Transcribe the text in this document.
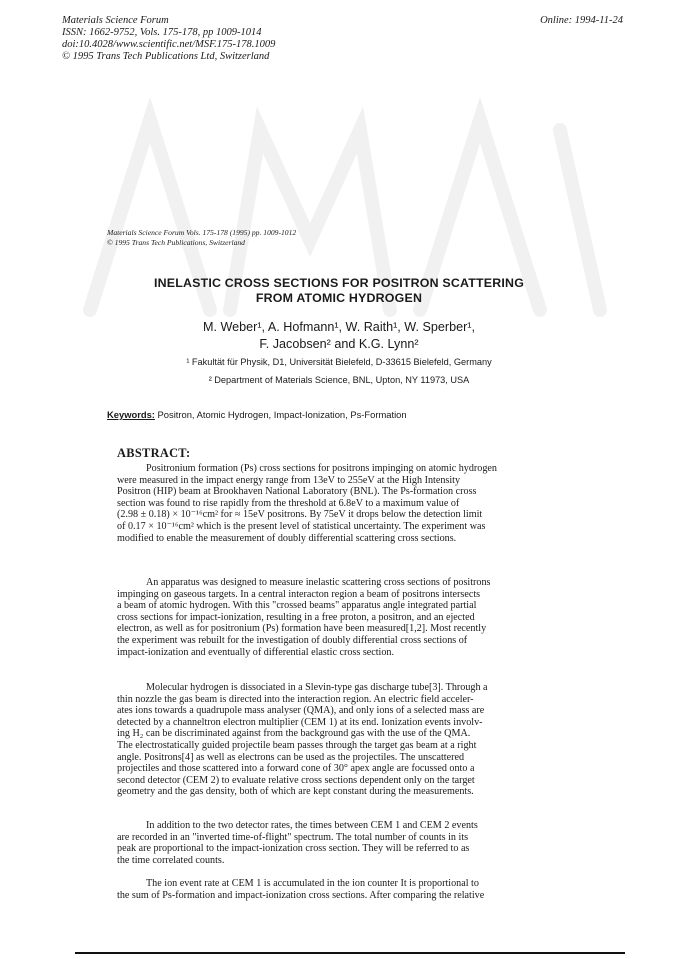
Materials Science Forum
ISSN: 1662-9752, Vols. 175-178, pp 1009-1014
doi:10.4028/www.scientific.net/MSF.175-178.1009
© 1995 Trans Tech Publications Ltd, Switzerland
Online: 1994-11-24
Materials Science Forum Vols. 175-178 (1995) pp. 1009-1012
© 1995 Trans Tech Publications, Switzerland
INELASTIC CROSS SECTIONS FOR POSITRON SCATTERING
FROM ATOMIC HYDROGEN
M. Weber¹, A. Hofmann¹, W. Raith¹, W. Sperber¹,
F. Jacobsen² and K.G. Lynn²
¹ Fakultät für Physik, D1, Universität Bielefeld, D-33615 Bielefeld, Germany
² Department of Materials Science, BNL, Upton, NY 11973, USA
Keywords: Positron, Atomic Hydrogen, Impact-Ionization, Ps-Formation
ABSTRACT:
Positronium formation (Ps) cross sections for positrons impinging on atomic hydrogen
were measured in the impact energy range from 13eV to 255eV at the High Intensity
Positron (HIP) beam at Brookhaven National Laboratory (BNL). The Ps-formation cross
section was found to rise rapidly from the threshold at 6.8eV to a maximum value of
(2.98 ± 0.18) × 10⁻¹⁶cm² for ≈ 15eV positrons. By 75eV it drops below the detection limit
of 0.17 × 10⁻¹⁶cm² which is the present level of statistical uncertainty. The experiment was
modified to enable the measurement of doubly differential scattering cross sections.
An apparatus was designed to measure inelastic scattering cross sections of positrons
impinging on gaseous targets. In a central interacton region a beam of positrons intersects
a beam of atomic hydrogen. With this "crossed beams" apparatus angle integrated partial
cross sections for impact-ionization, resulting in a free proton, a positron, and an ejected
electron, as well as for positronium (Ps) formation have been measured[1,2]. Most recently
the experiment was rebuilt for the investigation of doubly differential cross sections of
impact-ionization and eventually of differential elastic cross section.
Molecular hydrogen is dissociated in a Slevin-type gas discharge tube[3]. Through a
thin nozzle the gas beam is directed into the interaction region. An electric field acceler-
ates ions towards a quadrupole mass analyser (QMA), and only ions of a selected mass are
detected by a channeltron electron multiplier (CEM 1) at its end. Ionization events involv-
ing H₂ can be discriminated against from the background gas with the use of the QMA.
The electrostatically guided projectile beam passes through the target gas beam at a right
angle. Positrons[4] as well as electrons can be used as the projectiles. The unscattered
projectiles and those scattered into a forward cone of 30° apex angle are focussed onto a
second detector (CEM 2) to evaluate relative cross sections dependent only on the target
geometry and the gas density, both of which are kept constant during the measurements.
In addition to the two detector rates, the times between CEM 1 and CEM 2 events
are recorded in an "inverted time-of-flight" spectrum. The total number of counts in its
peak are proportional to the impact-ionization cross section. They will be referred to as
the time correlated counts.
The ion event rate at CEM 1 is accumulated in the ion counter It is proportional to
the sum of Ps-formation and impact-ionization cross sections. After comparing the relative
